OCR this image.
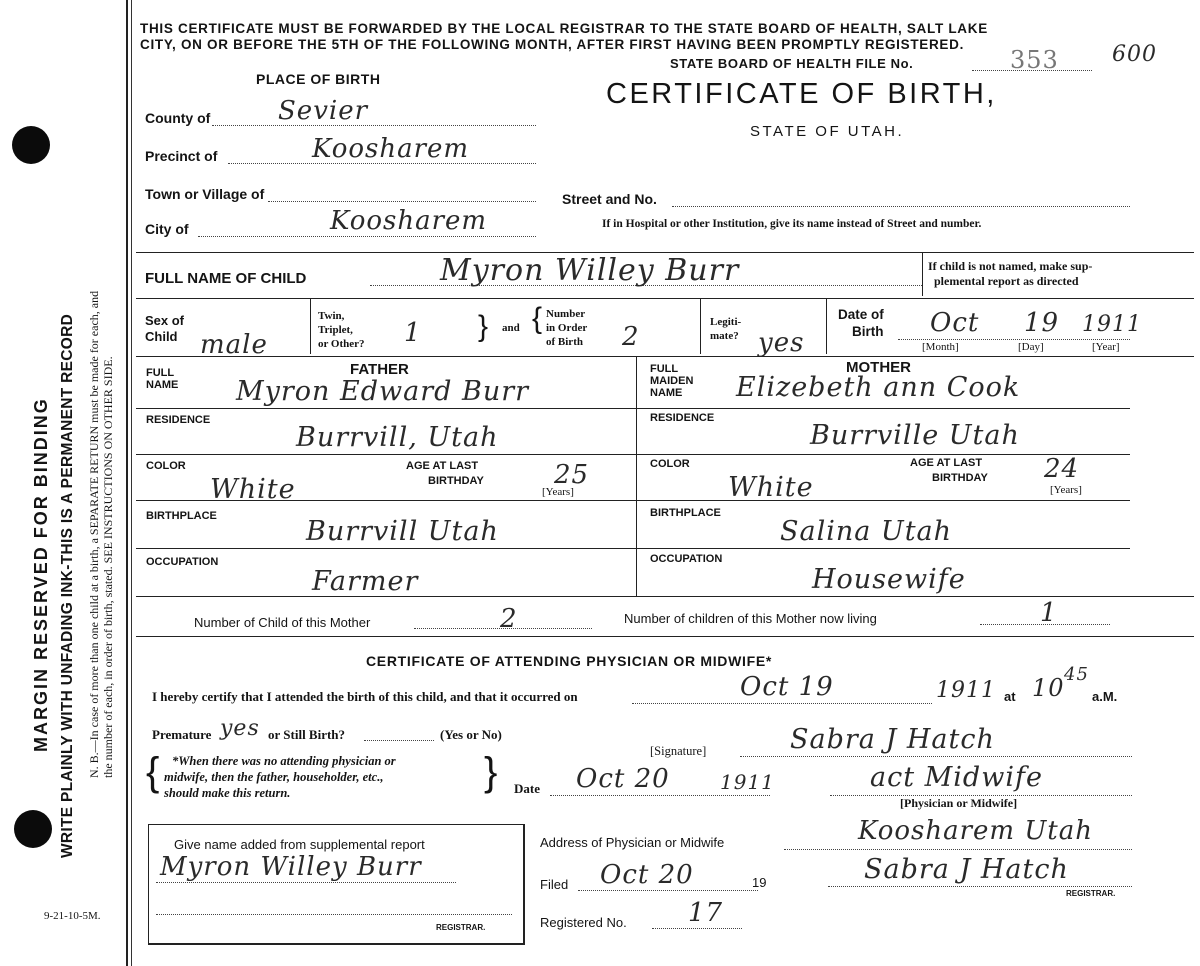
MARGIN RESERVED FOR BINDING WRITE PLAINLY WITH UNFADING INK-THIS IS A PERMANENT RECORD N. B.—In case of more than one child at a birth, a SEPARATE RETURN must be made for each, and the number of each, in order of birth, stated. SEE INSTRUCTIONS ON OTHER SIDE.
9-21-10-5M.
THIS CERTIFICATE MUST BE FORWARDED BY THE LOCAL REGISTRAR TO THE STATE BOARD OF HEALTH, SALT LAKE
CITY, ON OR BEFORE THE 5TH OF THE FOLLOWING MONTH, AFTER FIRST HAVING BEEN PROMPTLY REGISTERED.
PLACE OF BIRTH
County of	Sevier
Precinct of	Koosharem
Town or Village of
City of	Koosharem
STATE BOARD OF HEALTH FILE No.	353 600
CERTIFICATE OF BIRTH,
STATE OF UTAH.
Street and No.
If in Hospital or other Institution, give its name instead of Street and number.
FULL NAME OF CHILD	Myron Willey Burr	If child is not named, make sup-
plemental report as directed
Sex of
Child male
Twin,
Triplet,
or Other? 1 } and { Number
in Order
of Birth 2	Legiti-
mate? yes
Date of
Birth Oct 19 1911
[Month]	[Day]	[Year]
FATHER
FULL
NAME Myron Edward Burr
RESIDENCE
Burrvill, Utah
COLOR
White
AGE AT LAST
BIRTHDAY	25
[Years]
BIRTHPLACE	Burrvill Utah
OCCUPATION
Farmer
MOTHER
FULL
MAIDEN
NAME Elizebeth ann Cook
RESIDENCE
Burrville Utah
COLOR
White
AGE AT LAST
BIRTHDAY 24
[Years]
BIRTHPLACE
Salina Utah
OCCUPATION
Housewife
Number of Child of this Mother	2	Number of children of this Mother now living	1
CERTIFICATE OF ATTENDING PHYSICIAN OR MIDWIFE*
I hereby certify that I attended the birth of this child, and that it occurred on	Oct 19	1911 at 10 45
a.M.
Premature yes or Still Birth?	(Yes or No)
{ *When there was no attending physician or
midwife, then the father, householder, etc.,
should make this return.	}	[Signature]	Sabra J Hatch
Date Oct 20	1911	act Midwife
[Physician or Midwife]
Give name added from supplemental report
Myron Willey Burr
REGISTRAR.
Address of Physician or Midwife	Koosharem Utah
Filed Oct 20	19	Sabra J Hatch
REGISTRAR.
Registered No. 17
